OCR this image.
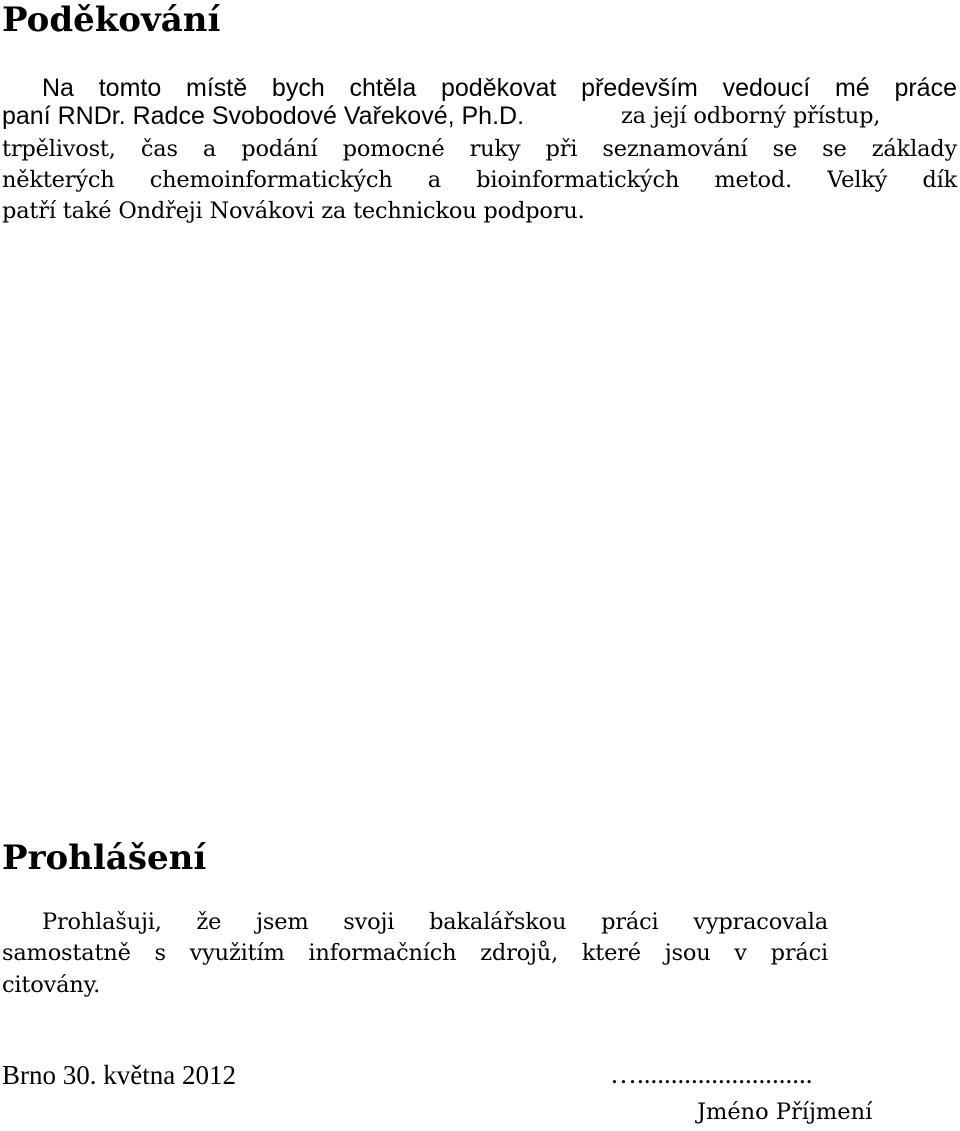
Poděkování
Na tomto místě bych chtěla poděkovat především vedoucí mé práce
paní RNDr. Radce Svobodové Vařekové, Ph.D.	za její odborný přístup,
trpělivost, čas a podání pomocné ruky při seznamování se se základy
některých chemoinformatických a bioinformatických metod. Velký dík
patří také Ondřeji Novákovi za technickou podporu.
Prohlášení
Prohlašuji, že jsem svoji bakalářskou práci vypracovala
samostatně s využitím informačních zdrojů, které jsou v práci
citovány.
Brno 30. května 2012	…..........................
Jméno Příjmení
